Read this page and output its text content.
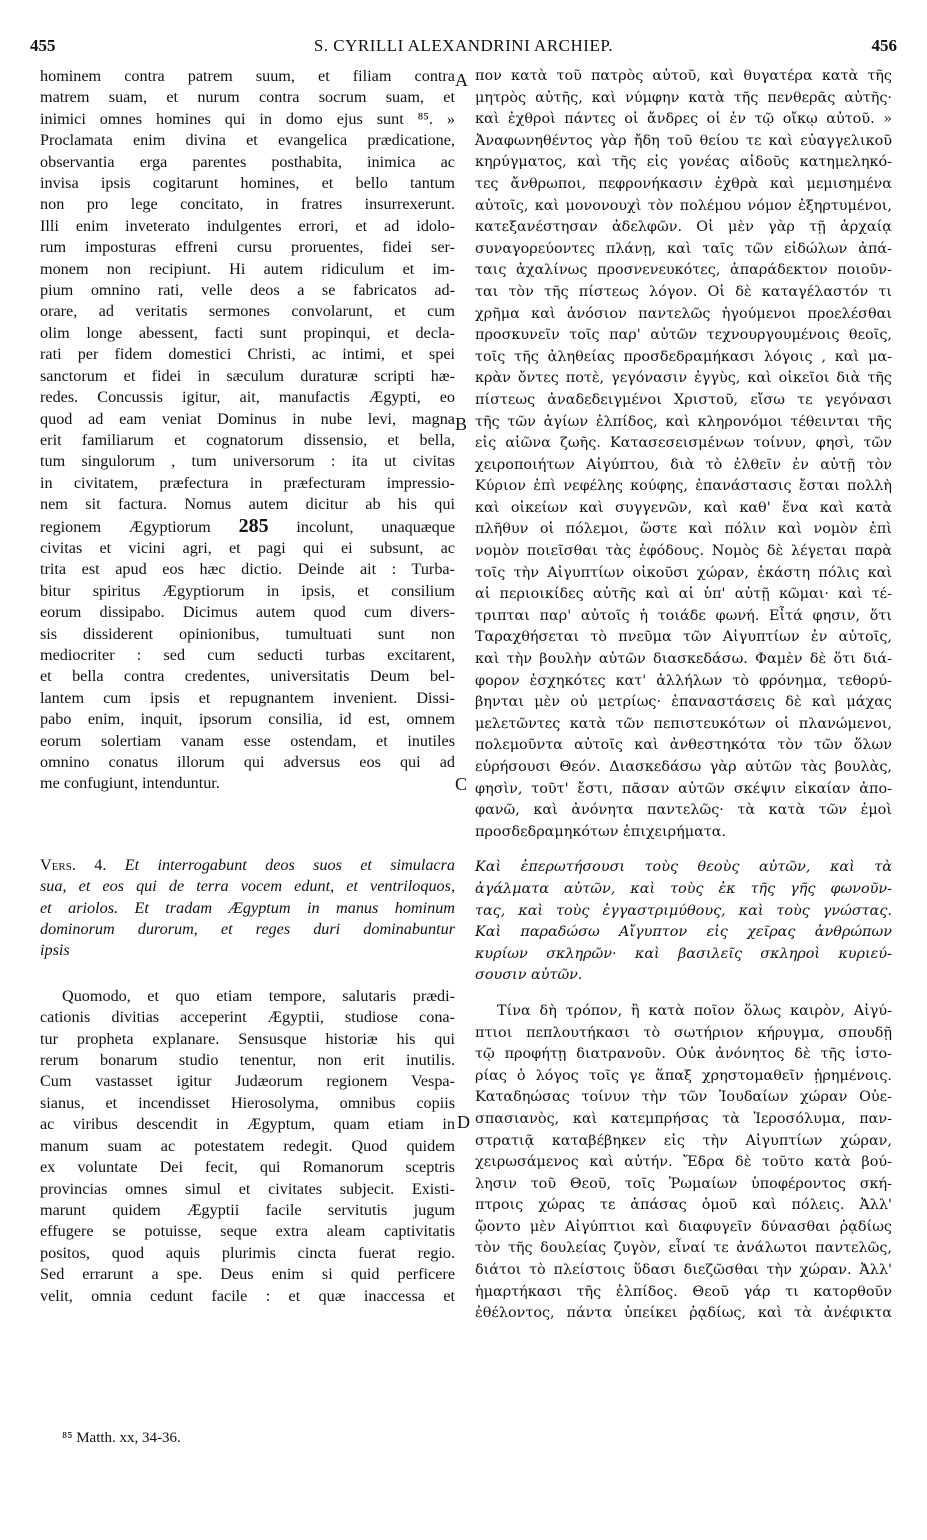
455	S. CYRILLI ALEXANDRINI ARCHIEP.	456
A
B
C
D
hominem contra patrem suum, et filiam contra
matrem suam, et nurum contra socrum suam, et
inimici omnes homines qui in domo ejus sunt ⁸⁵. »
Proclamata enim divina et evangelica prædicatione,
observantia erga parentes posthabita, inimica ac
invisa ipsis cogitarunt homines, et bello tantum
non pro lege concitato, in fratres insurrexerunt.
Illi enim inveterato indulgentes errori, et ad idolo-
rum imposturas effreni cursu proruentes, fidei ser-
monem non recipiunt. Hi autem ridiculum et im-
pium omnino rati, velle deos a se fabricatos ad-
orare, ad veritatis sermones convolarunt, et cum
olim longe abessent, facti sunt propinqui, et decla-
rati per fidem domestici Christi, ac intimi, et spei
sanctorum et fidei in sæculum duraturæ scripti hæ-
redes. Concussis igitur, ait, manufactis Ægypti, eo
quod ad eam veniat Dominus in nube levi, magna
erit familiarum et cognatorum dissensio, et bella,
tum singulorum , tum universorum : ita ut civitas
in civitatem, præfectura in præfecturam impressio-
nem sit factura. Nomus autem dicitur ab his qui
regionem Ægyptiorum 285 incolunt, unaquæque
civitas et vicini agri, et pagi qui ei subsunt, ac
trita est apud eos hæc dictio. Deinde ait : Turba-
bitur spiritus Ægyptiorum in ipsis, et consilium
eorum dissipabo. Dicimus autem quod cum divers-
sis dissiderent opinionibus, tumultuati sunt non
mediocriter : sed cum seducti turbas excitarent,
et bella contra credentes, universitatis Deum bel-
lantem cum ipsis et repugnantem invenient. Dissi-
pabo enim, inquit, ipsorum consilia, id est, omnem
eorum solertiam vanam esse ostendam, et inutiles
omnino conatus illorum qui adversus eos qui ad
me confugiunt, intenduntur.
Vers. 4. Et interrogabunt deos suos et simulacra
sua, et eos qui de terra vocem edunt, et ventriloquos,
et ariolos. Et tradam Ægyptum in manus hominum
dominorum durorum, et reges duri dominabuntur
ipsis
Quomodo, et quo etiam tempore, salutaris prædi-
cationis divitias acceperint Ægyptii, studiose cona-
tur propheta explanare. Sensusque historiæ his qui
rerum bonarum studio tenentur, non erit inutilis.
Cum vastasset igitur Judæorum regionem Vespa-
sianus, et incendisset Hierosolyma, omnibus copiis
ac viribus descendit in Ægyptum, quam etiam in
manum suam ac potestatem redegit. Quod quidem
ex voluntate Dei fecit, qui Romanorum sceptris
provincias omnes simul et civitates subjecit. Existi-
marunt quidem Ægyptii facile servitutis jugum
effugere se potuisse, seque extra aleam captivitatis
positos, quod aquis plurimis cincta fuerat regio.
Sed errarunt a spe. Deus enim si quid perficere
velit, omnia cedunt facile : et quæ inaccessa et
πον κατὰ τοῦ πατρὸς αὐτοῦ, καὶ θυγατέρα κατὰ τῆς
μητρὸς αὐτῆς, καὶ νύμφην κατὰ τῆς πενθερᾶς αὐτῆς·
καὶ ἐχθροὶ πάντες οἱ ἄνδρες οἱ ἐν τῷ οἴκῳ αὐτοῦ. »
Ἀναφωνηθέντος γὰρ ἤδη τοῦ θείου τε καὶ εὐαγγελικοῦ
κηρύγματος, καὶ τῆς εἰς γονέας αἰδοῦς κατημεληκό-
τες ἄνθρωποι, πεφρονήκασιν ἐχθρὰ καὶ μεμισημένα
αὐτοῖς, καὶ μονονουχὶ τὸν πολέμου νόμον ἐξηρτυμένοι,
κατεξανέστησαν ἀδελφῶν. Οἱ μὲν γὰρ τῇ ἀρχαίᾳ
συναγορεύοντες πλάνῃ, καὶ ταῖς τῶν εἰδώλων ἀπά-
ταις ἀχαλίνως προσνενευκότες, ἀπαράδεκτον ποιοῦν-
ται τὸν τῆς πίστεως λόγον. Οἱ δὲ καταγέλαστόν τι
χρῆμα καὶ ἀνόσιον παντελῶς ἡγούμενοι προελέσθαι
προσκυνεῖν τοῖς παρ' αὐτῶν τεχνουργουμένοις θεοῖς,
τοῖς τῆς ἀληθείας προσδεδραμήκασι λόγοις , καὶ μα-
κρὰν ὄντες ποτὲ, γεγόνασιν ἐγγὺς, καὶ οἰκεῖοι διὰ τῆς
πίστεως ἀναδεδειγμένοι Χριστοῦ, εἴσω τε γεγόνασι
τῆς τῶν ἁγίων ἐλπίδος, καὶ κληρονόμοι τέθεινται τῆς
εἰς αἰῶνα ζωῆς. Κατασεσεισμένων τοίνυν, φησὶ, τῶν
χειροποιήτων Αἰγύπτου, διὰ τὸ ἐλθεῖν ἐν αὐτῇ τὸν
Κύριον ἐπὶ νεφέλης κούφης, ἐπανάστασις ἔσται πολλὴ
καὶ οἰκείων καὶ συγγενῶν, καὶ καθ' ἕνα καὶ κατὰ
πλῆθυν οἱ πόλεμοι, ὥστε καὶ πόλιν καὶ νομὸν ἐπὶ
νομὸν ποιεῖσθαι τὰς ἐφόδους. Νομὸς δὲ λέγεται παρὰ
τοῖς τὴν Αἰγυπτίων οἰκοῦσι χώραν, ἑκάστη πόλις καὶ
αἱ περιοικίδες αὐτῆς καὶ αἱ ὑπ' αὐτῇ κῶμαι· καὶ τέ-
τριπται παρ' αὐτοῖς ἡ τοιάδε φωνή. Εἶτά φησιν, ὅτι
Ταραχθήσεται τὸ πνεῦμα τῶν Αἰγυπτίων ἐν αὐτοῖς,
καὶ τὴν βουλὴν αὐτῶν διασκεδάσω. Φαμὲν δὲ ὅτι διά-
φορον ἐσχηκότες κατ' ἀλλήλων τὸ φρόνημα, τεθορύ-
βηνται μὲν οὐ μετρίως· ἐπαναστάσεις δὲ καὶ μάχας
μελετῶντες κατὰ τῶν πεπιστευκότων οἱ πλανώμενοι,
πολεμοῦντα αὐτοῖς καὶ ἀνθεστηκότα τὸν τῶν ὅλων
εὑρήσουσι Θεόν. Διασκεδάσω γὰρ αὐτῶν τὰς βουλὰς,
φησὶν, τοῦτ' ἔστι, πᾶσαν αὐτῶν σκέψιν εἰκαίαν ἀπο-
φανῶ, καὶ ἀνόνητα παντελῶς· τὰ κατὰ τῶν ἐμοὶ
προσδεδραμηκότων ἐπιχειρήματα.
Καὶ ἐπερωτήσουσι τοὺς θεοὺς αὐτῶν, καὶ τὰ
ἀγάλματα αὐτῶν, καὶ τοὺς ἐκ τῆς γῆς φωνοῦν-
τας, καὶ τοὺς ἐγγαστριμύθους, καὶ τοὺς γνώστας.
Καὶ παραδώσω Αἴγυπτον εἰς χεῖρας ἀνθρώπων
κυρίων σκληρῶν· καὶ βασιλεῖς σκληροὶ κυριεύ-
σουσιν αὐτῶν.
Τίνα δὴ τρόπον, ἢ κατὰ ποῖον ὅλως καιρὸν, Αἰγύ-
πτιοι πεπλουτήκασι τὸ σωτήριον κήρυγμα, σπουδῇ
τῷ προφήτῃ διατρανοῦν. Οὐκ ἀνόνητος δὲ τῆς ἱστο-
ρίας ὁ λόγος τοῖς γε ἅπαξ χρηστομαθεῖν ᾐρημένοις.
Καταδηώσας τοίνυν τὴν τῶν Ἰουδαίων χώραν Οὐε-
σπασιανὸς, καὶ κατεμπρήσας τὰ Ἱεροσόλυμα, παν-
στρατιᾷ καταβέβηκεν εἰς τὴν Αἰγυπτίων χώραν,
χειρωσάμενος καὶ αὐτήν. Ἔδρα δὲ τοῦτο κατὰ βού-
λησιν τοῦ Θεοῦ, τοῖς Ῥωμαίων ὑποφέροντος σκή-
πτροις χώρας τε ἁπάσας ὁμοῦ καὶ πόλεις. Ἀλλ'
ᾤοντο μὲν Αἰγύπτιοι καὶ διαφυγεῖν δύνασθαι ῥᾳδίως
τὸν τῆς δουλείας ζυγὸν, εἶναί τε ἀνάλωτοι παντελῶς,
διάτοι τὸ πλείστοις ὕδασι διεζῶσθαι τὴν χώραν. Ἀλλ'
ἡμαρτήκασι τῆς ἐλπίδος. Θεοῦ γάρ τι κατορθοῦν
ἐθέλοντος, πάντα ὑπείκει ῥᾳδίως, καὶ τὰ ἀνέφικτα
⁸⁵ Matth. xx, 34-36.
